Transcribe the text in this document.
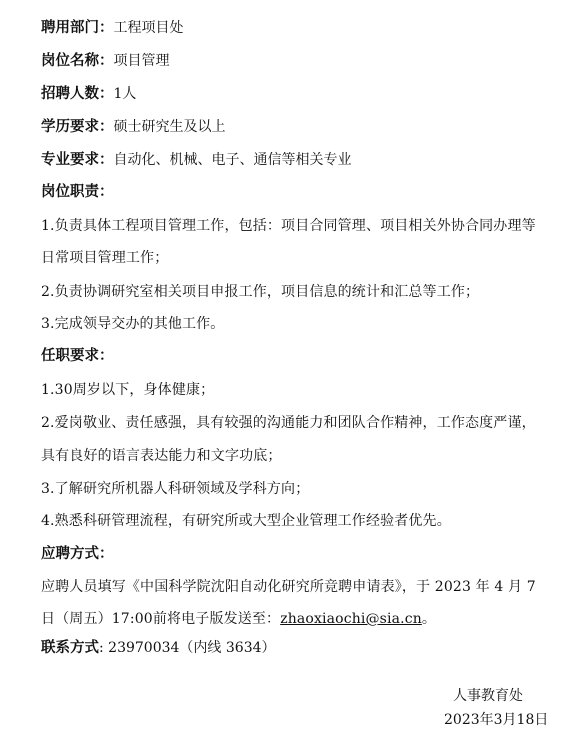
聘用部门：工程项目处
岗位名称：项目管理
招聘人数：1人
学历要求：硕士研究生及以上
专业要求：自动化、机械、电子、通信等相关专业
岗位职责：
1.负责具体工程项目管理工作，包括：项目合同管理、项目相关外协合同办理等
日常项目管理工作；
2.负责协调研究室相关项目申报工作，项目信息的统计和汇总等工作；
3.完成领导交办的其他工作。
任职要求：
1.30周岁以下，身体健康；
2.爱岗敬业、责任感强，具有较强的沟通能力和团队合作精神，工作态度严谨，
具有良好的语言表达能力和文字功底；
3.了解研究所机器人科研领域及学科方向；
4.熟悉科研管理流程，有研究所或大型企业管理工作经验者优先。
应聘方式：
应聘人员填写《中国科学院沈阳自动化研究所竞聘申请表》，于 2023 年 4 月 7
日（周五）17:00前将电子版发送至：zhaoxiaochi@sia.cn。
联系方式: 23970034（内线 3634）
人事教育处
2023年3月18日
